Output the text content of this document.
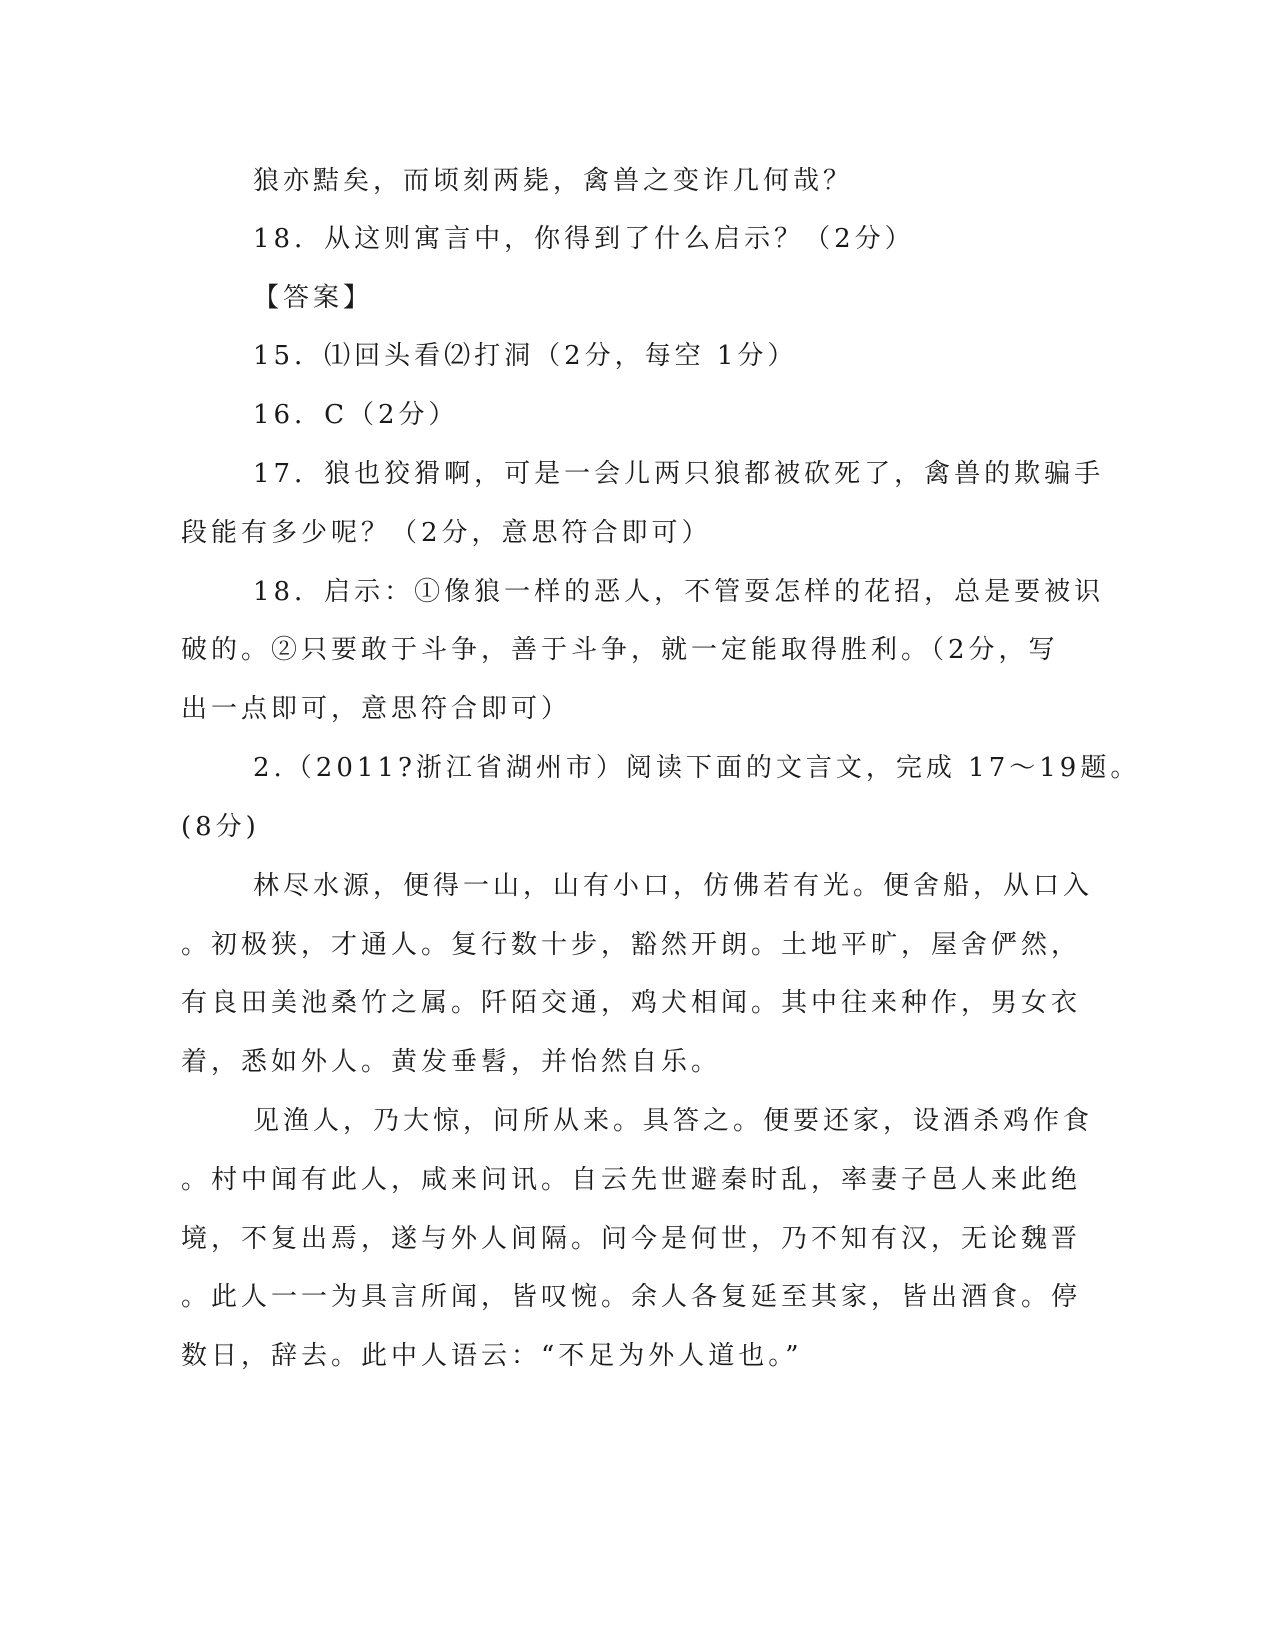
狼亦黠矣，而顷刻两毙，禽兽之变诈几何哉？
18．从这则寓言中，你得到了什么启示？（2分）
【答案】
15．⑴回头看⑵打洞（2分，每空 1分）
16．C（2分）
17．狼也狡猾啊，可是一会儿两只狼都被砍死了，禽兽的欺骗手
段能有多少呢？（2分，意思符合即可）
18．启示：①像狼一样的恶人，不管耍怎样的花招，总是要被识
破的。②只要敢于斗争，善于斗争，就一定能取得胜利。（2分，写
出一点即可，意思符合即可）
2.（2011?浙江省湖州市）阅读下面的文言文，完成 17～19题。
(8分)
林尽水源，便得一山，山有小口，仿佛若有光。便舍船，从口入
。初极狭，才通人。复行数十步，豁然开朗。土地平旷，屋舍俨然，
有良田美池桑竹之属。阡陌交通，鸡犬相闻。其中往来种作，男女衣
着，悉如外人。黄发垂髫，并怡然自乐。
见渔人，乃大惊，问所从来。具答之。便要还家，设酒杀鸡作食
。村中闻有此人，咸来问讯。自云先世避秦时乱，率妻子邑人来此绝
境，不复出焉，遂与外人间隔。问今是何世，乃不知有汉，无论魏晋
。此人一一为具言所闻，皆叹惋。余人各复延至其家，皆出酒食。停
数日，辞去。此中人语云：“不足为外人道也。”
